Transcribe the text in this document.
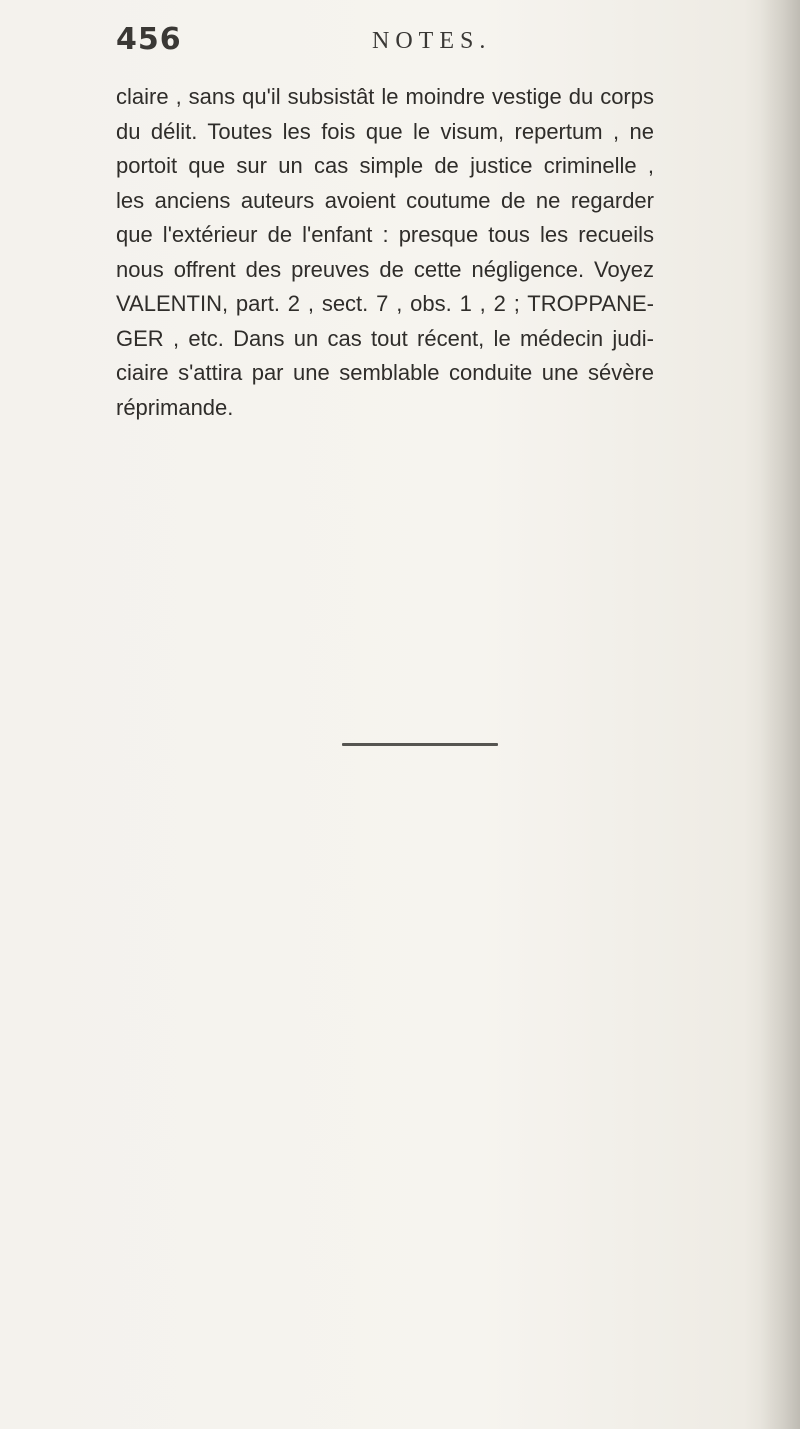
456	NOTES.
claire , sans qu'il subsistât le moindre vestige du corps
du délit. Toutes les fois que le visum, repertum , ne
portoit que sur un cas simple de justice criminelle ,
les anciens auteurs avoient coutume de ne regarder
que l'extérieur de l'enfant : presque tous les recueils
nous offrent des preuves de cette négligence. Voyez
VALENTIN, part. 2 , sect. 7 , obs. 1 , 2 ; TROPPANE-
GER , etc. Dans un cas tout récent, le médecin judi-
ciaire s'attira par une semblable conduite une sévère
réprimande.
